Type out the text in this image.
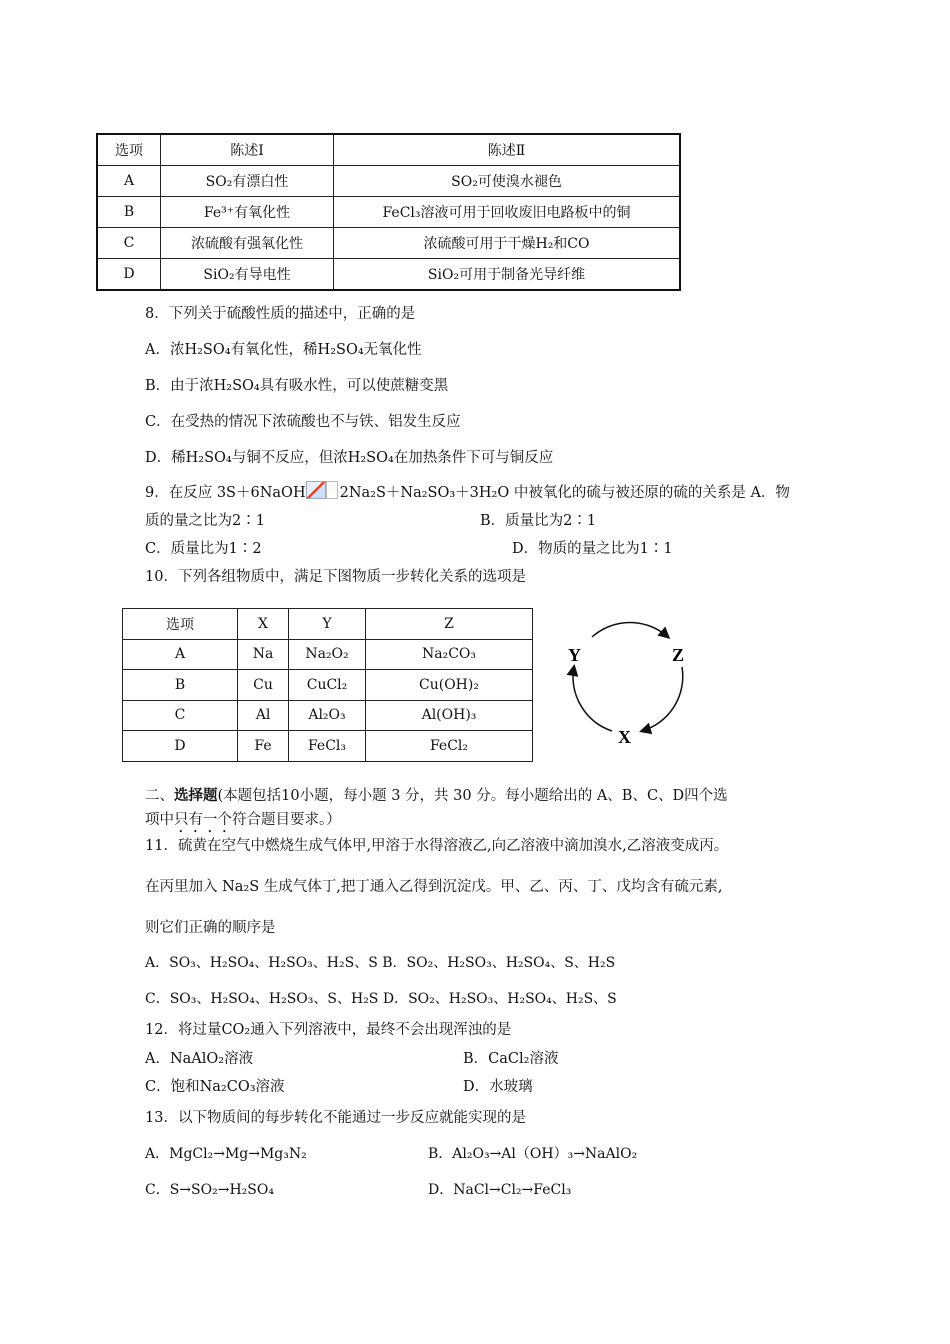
选项	陈述Ⅰ	陈述Ⅱ
A	SO₂有漂白性	SO₂可使溴水褪色
B	Fe³⁺有氧化性	FeCl₃溶液可用于回收废旧电路板中的铜
C	浓硫酸有强氧化性	浓硫酸可用于干燥H₂和CO
D	SiO₂有导电性	SiO₂可用于制备光导纤维
8．下列关于硫酸性质的描述中，正确的是
A．浓H₂SO₄有氧化性，稀H₂SO₄无氧化性
B．由于浓H₂SO₄具有吸水性，可以使蔗糖变黑
C．在受热的情况下浓硫酸也不与铁、铝发生反应
D．稀H₂SO₄与铜不反应，但浓H₂SO₄在加热条件下可与铜反应
9．在反应 3S＋6NaOH 2Na₂S＋Na₂SO₃＋3H₂O 中被氧化的硫与被还原的硫的关系是 A．物
质的量之比为2∶1	B．质量比为2∶1
C．质量比为1∶2	D．物质的量之比为1∶1
10．下列各组物质中，满足下图物质一步转化关系的选项是
选项	X	Y	Z
A	Na	Na₂O₂	Na₂CO₃
B	Cu	CuCl₂	Cu(OH)₂
C	Al	Al₂O₃	Al(OH)₃
D	Fe	FeCl₃	FeCl₂
Y	Z
X
二、选择题(本题包括10小题，每小题 3 分，共 30 分。每小题给出的 A、B、C、D四个选
项中只有一个符合题目要求。）
11．硫黄在空气中燃烧生成气体甲,甲溶于水得溶液乙,向乙溶液中滴加溴水,乙溶液变成丙。
在丙里加入 Na₂S 生成气体丁,把丁通入乙得到沉淀戊。甲、乙、丙、丁、戊均含有硫元素,
则它们正确的顺序是
A．SO₃、H₂SO₄、H₂SO₃、H₂S、S B．SO₂、H₂SO₃、H₂SO₄、S、H₂S
C．SO₃、H₂SO₄、H₂SO₃、S、H₂S D．SO₂、H₂SO₃、H₂SO₄、H₂S、S
12．将过量CO₂通入下列溶液中，最终不会出现浑浊的是
A．NaAlO₂溶液	B．CaCl₂溶液
C．饱和Na₂CO₃溶液	D．水玻璃
13．以下物质间的每步转化不能通过一步反应就能实现的是
A．MgCl₂→Mg→Mg₃N₂	B．Al₂O₃→Al（OH）₃→NaAlO₂
C．S→SO₂→H₂SO₄	D．NaCl→Cl₂→FeCl₃
